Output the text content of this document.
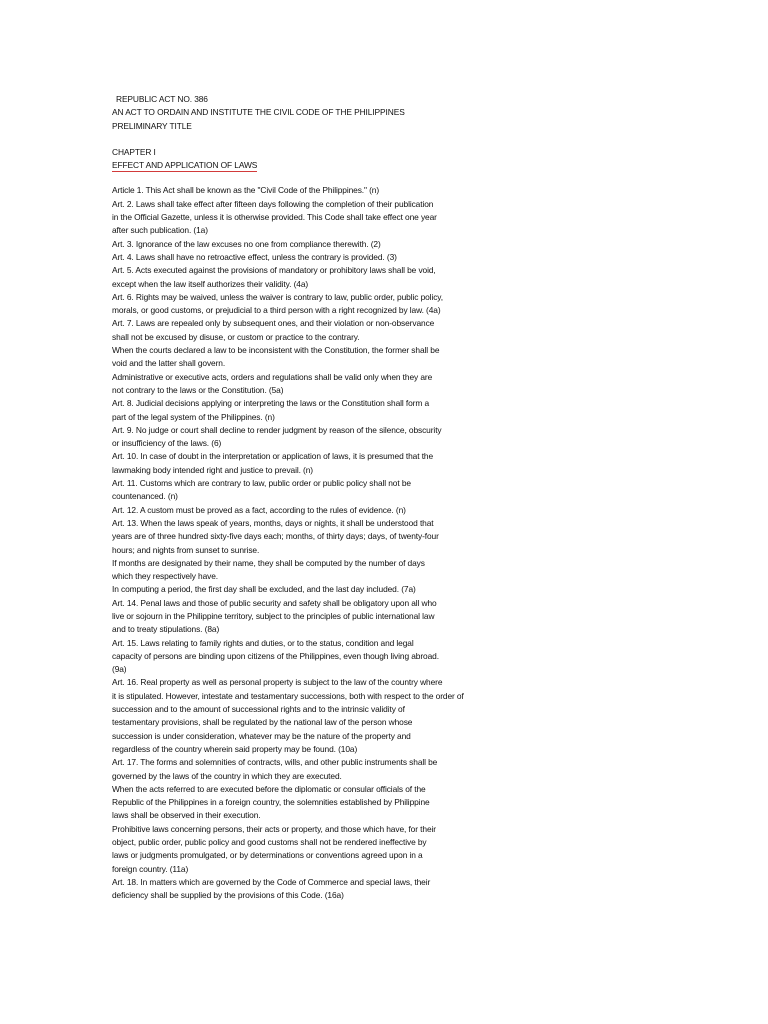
REPUBLIC ACT NO. 386
AN ACT TO ORDAIN AND INSTITUTE THE CIVIL CODE OF THE PHILIPPINES
PRELIMINARY TITLE
CHAPTER I
EFFECT AND APPLICATION OF LAWS
Article 1. This Act shall be known as the "Civil Code of the Philippines." (n)
Art. 2. Laws shall take effect after fifteen days following the completion of their publication
in the Official Gazette, unless it is otherwise provided. This Code shall take effect one year
after such publication. (1a)
Art. 3. Ignorance of the law excuses no one from compliance therewith. (2)
Art. 4. Laws shall have no retroactive effect, unless the contrary is provided. (3)
Art. 5. Acts executed against the provisions of mandatory or prohibitory laws shall be void,
except when the law itself authorizes their validity. (4a)
Art. 6. Rights may be waived, unless the waiver is contrary to law, public order, public policy,
morals, or good customs, or prejudicial to a third person with a right recognized by law. (4a)
Art. 7. Laws are repealed only by subsequent ones, and their violation or non-observance
shall not be excused by disuse, or custom or practice to the contrary.
When the courts declared a law to be inconsistent with the Constitution, the former shall be
void and the latter shall govern.
Administrative or executive acts, orders and regulations shall be valid only when they are
not contrary to the laws or the Constitution. (5a)
Art. 8. Judicial decisions applying or interpreting the laws or the Constitution shall form a
part of the legal system of the Philippines. (n)
Art. 9. No judge or court shall decline to render judgment by reason of the silence, obscurity
or insufficiency of the laws. (6)
Art. 10. In case of doubt in the interpretation or application of laws, it is presumed that the
lawmaking body intended right and justice to prevail. (n)
Art. 11. Customs which are contrary to law, public order or public policy shall not be
countenanced. (n)
Art. 12. A custom must be proved as a fact, according to the rules of evidence. (n)
Art. 13. When the laws speak of years, months, days or nights, it shall be understood that
years are of three hundred sixty-five days each; months, of thirty days; days, of twenty-four
hours; and nights from sunset to sunrise.
If months are designated by their name, they shall be computed by the number of days
which they respectively have.
In computing a period, the first day shall be excluded, and the last day included. (7a)
Art. 14. Penal laws and those of public security and safety shall be obligatory upon all who
live or sojourn in the Philippine territory, subject to the principles of public international law
and to treaty stipulations. (8a)
Art. 15. Laws relating to family rights and duties, or to the status, condition and legal
capacity of persons are binding upon citizens of the Philippines, even though living abroad.
(9a)
Art. 16. Real property as well as personal property is subject to the law of the country where
it is stipulated. However, intestate and testamentary successions, both with respect to the order of
succession and to the amount of successional rights and to the intrinsic validity of
testamentary provisions, shall be regulated by the national law of the person whose
succession is under consideration, whatever may be the nature of the property and
regardless of the country wherein said property may be found. (10a)
Art. 17. The forms and solemnities of contracts, wills, and other public instruments shall be
governed by the laws of the country in which they are executed.
When the acts referred to are executed before the diplomatic or consular officials of the
Republic of the Philippines in a foreign country, the solemnities established by Philippine
laws shall be observed in their execution.
Prohibitive laws concerning persons, their acts or property, and those which have, for their
object, public order, public policy and good customs shall not be rendered ineffective by
laws or judgments promulgated, or by determinations or conventions agreed upon in a
foreign country. (11a)
Art. 18. In matters which are governed by the Code of Commerce and special laws, their
deficiency shall be supplied by the provisions of this Code. (16a)
